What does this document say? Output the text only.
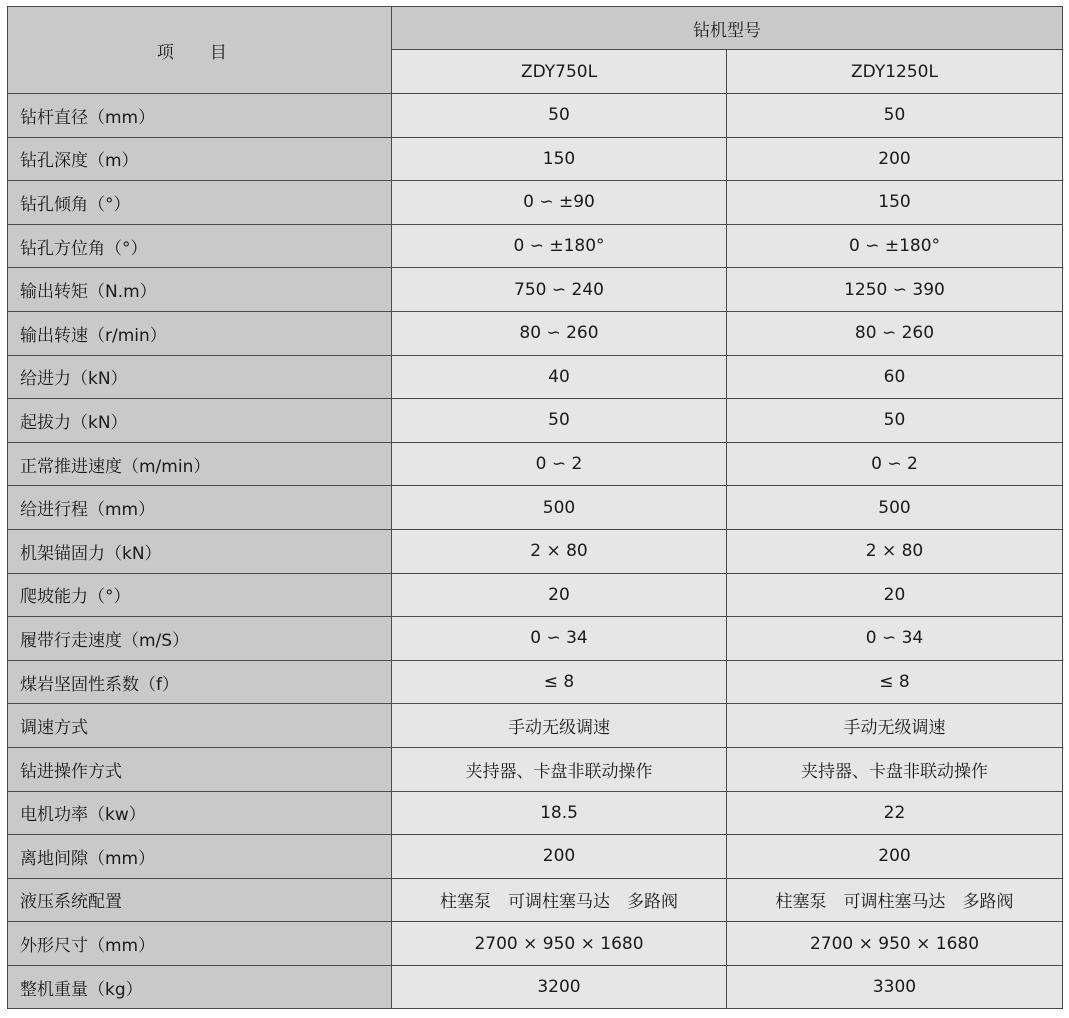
项 目	钻机型号	
	ZDY750L	ZDY1250L
钻杆直径（mm）	50	50
钻孔深度（m）	150	200
钻孔倾角（°）	0 ∽ ±90	150
钻孔方位角（°）	0 ∽ ±180°	0 ∽ ±180°
输出转矩（N.m）	750 ∽ 240	1250 ∽ 390
输出转速（r/min）	80 ∽ 260	80 ∽ 260
给进力（kN）	40	60
起拔力（kN）	50	50
正常推进速度（m/min）	0 ∽ 2	0 ∽ 2
给进行程（mm）	500	500
机架锚固力（kN）	2 × 80	2 × 80
爬坡能力（°）	20	20
履带行走速度（m/S）	0 ∽ 34	0 ∽ 34
煤岩坚固性系数（f）	≤ 8	≤ 8
调速方式	手动无级调速	手动无级调速
钻进操作方式	夹持器、卡盘非联动操作	夹持器、卡盘非联动操作
电机功率（kw）	18.5	22
离地间隙（mm）	200	200
液压系统配置	柱塞泵　可调柱塞马达　多路阀	柱塞泵　可调柱塞马达　多路阀
外形尺寸（mm）	2700 × 950 × 1680	2700 × 950 × 1680
整机重量（kg）	3200	3300
